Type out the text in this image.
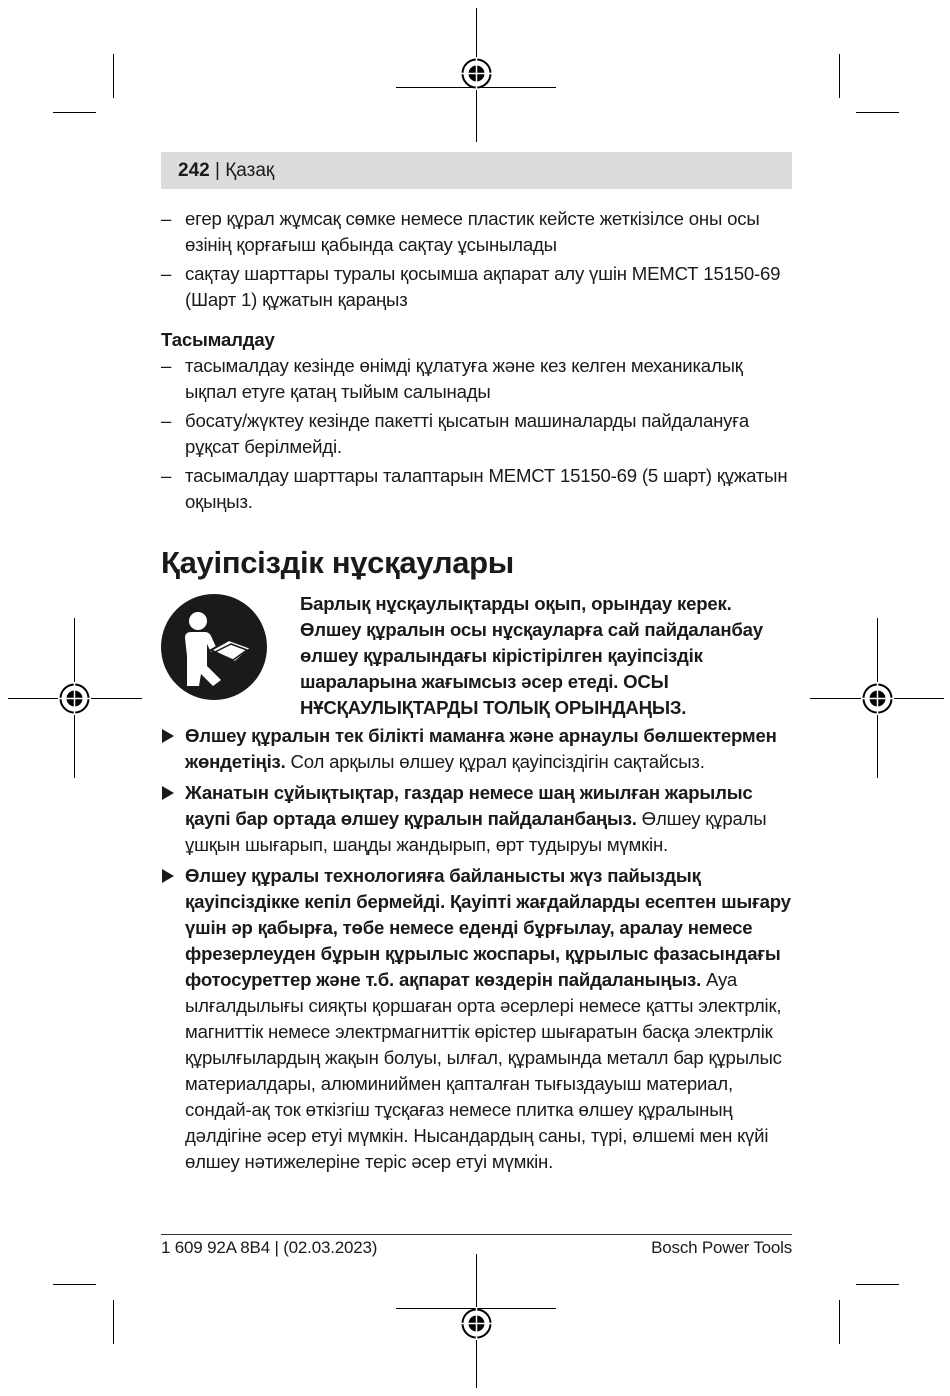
242 | Қазақ
– егер құрал жұмсақ сөмке немесе пластик кейсте жеткізілсе оны осы өзінің қорғағыш қабында сақтау ұсынылады
– сақтау шарттары туралы қосымша ақпарат алу үшін МЕМСТ 15150-69 (Шарт 1) құжатын қараңыз
Тасымалдау
– тасымалдау кезінде өнімді құлатуға және кез келген механикалық ықпал етуге қатаң тыйым салынады
– босату/жүктеу кезінде пакетті қысатын машиналарды пайдалануға рұқсат берілмейді.
– тасымалдау шарттары талаптарын МЕМСТ 15150-69 (5 шарт) құжатын оқыңыз.
Қауіпсіздік нұсқаулары
Барлық нұсқаулықтарды оқып, орындау керек. Өлшеу құралын осы нұсқауларға сай пайдаланбау өлшеу құралындағы кірістірілген қауіпсіздік шараларына жағымсыз әсер етеді. ОСЫ НҰСҚАУЛЫҚТАРДЫ ТОЛЫҚ ОРЫНДАҢЫЗ.
Өлшеу құралын тек білікті маманға және арнаулы бөлшектермен жөндетіңіз. Сол арқылы өлшеу құрал қауіпсіздігін сақтайсыз.
Жанатын сұйықтықтар, газдар немесе шаң жиылған жарылыс қаупі бар ортада өлшеу құралын пайдаланбаңыз. Өлшеу құралы ұшқын шығарып, шаңды жандырып, өрт тудыруы мүмкін.
Өлшеу құралы технологияға байланысты жүз пайыздық қауіпсіздікке кепіл бермейді. Қауіпті жағдайларды есептен шығару үшін әр қабырға, төбе немесе еденді бұрғылау, аралау немесе фрезерлеуден бұрын құрылыс жоспары, құрылыс фазасындағы фотосуреттер және т.б. ақпарат көздерін пайдаланыңыз. Ауа ылғалдылығы сияқты қоршаған орта әсерлері немесе қатты электрлік, магниттік немесе электрмагниттік өрістер шығаратын басқа электрлік құрылғылардың жақын болуы, ылғал, құрамында металл бар құрылыс материалдары, алюминиймен қапталған тығыздауыш материал, сондай-ақ ток өткізгіш тұсқағаз немесе плитка өлшеу құралының дәлдігіне әсер етуі мүмкін. Нысандардың саны, түрі, өлшемі мен күйі өлшеу нәтижелеріне теріс әсер етуі мүмкін.
1 609 92A 8B4 | (02.03.2023)	Bosch Power Tools
